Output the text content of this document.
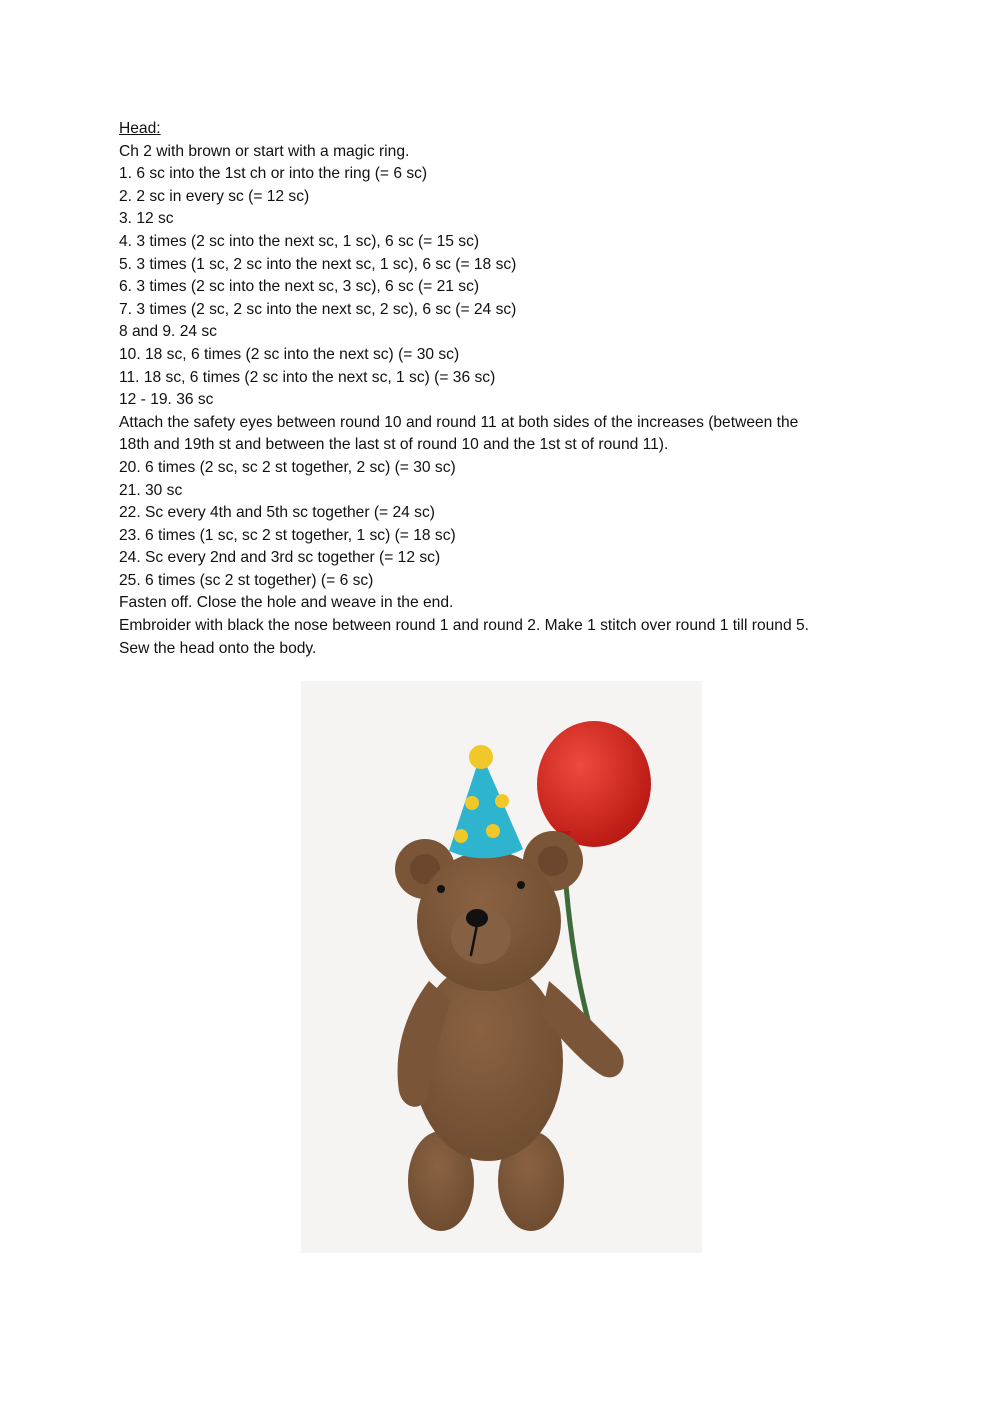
Head:
Ch 2 with brown or start with a magic ring.
1. 6 sc into the 1st ch or into the ring (= 6 sc)
2. 2 sc in every sc (= 12 sc)
3. 12 sc
4. 3 times (2 sc into the next sc, 1 sc), 6 sc (= 15 sc)
5. 3 times (1 sc, 2 sc into the next sc, 1 sc), 6 sc (= 18 sc)
6. 3 times (2 sc into the next sc, 3 sc), 6 sc (= 21 sc)
7. 3 times (2 sc, 2 sc into the next sc, 2 sc), 6 sc (= 24 sc)
8 and 9. 24 sc
10. 18 sc, 6 times (2 sc into the next sc) (= 30 sc)
11. 18 sc, 6 times (2 sc into the next sc, 1 sc) (= 36 sc)
12 - 19. 36 sc
Attach the safety eyes between round 10 and round 11 at both sides of the increases (between the
18th and 19th st and between the last st of round 10 and the 1st st of round 11).
20. 6 times (2 sc, sc 2 st together, 2 sc) (= 30 sc)
21. 30 sc
22. Sc every 4th and 5th sc together (= 24 sc)
23. 6 times (1 sc, sc 2 st together, 1 sc) (= 18 sc)
24. Sc every 2nd and 3rd sc together (= 12 sc)
25. 6 times (sc 2 st together) (= 6 sc)
Fasten off. Close the hole and weave in the end.
Embroider with black the nose between round 1 and round 2. Make 1 stitch over round 1 till round 5.
Sew the head onto the body.
